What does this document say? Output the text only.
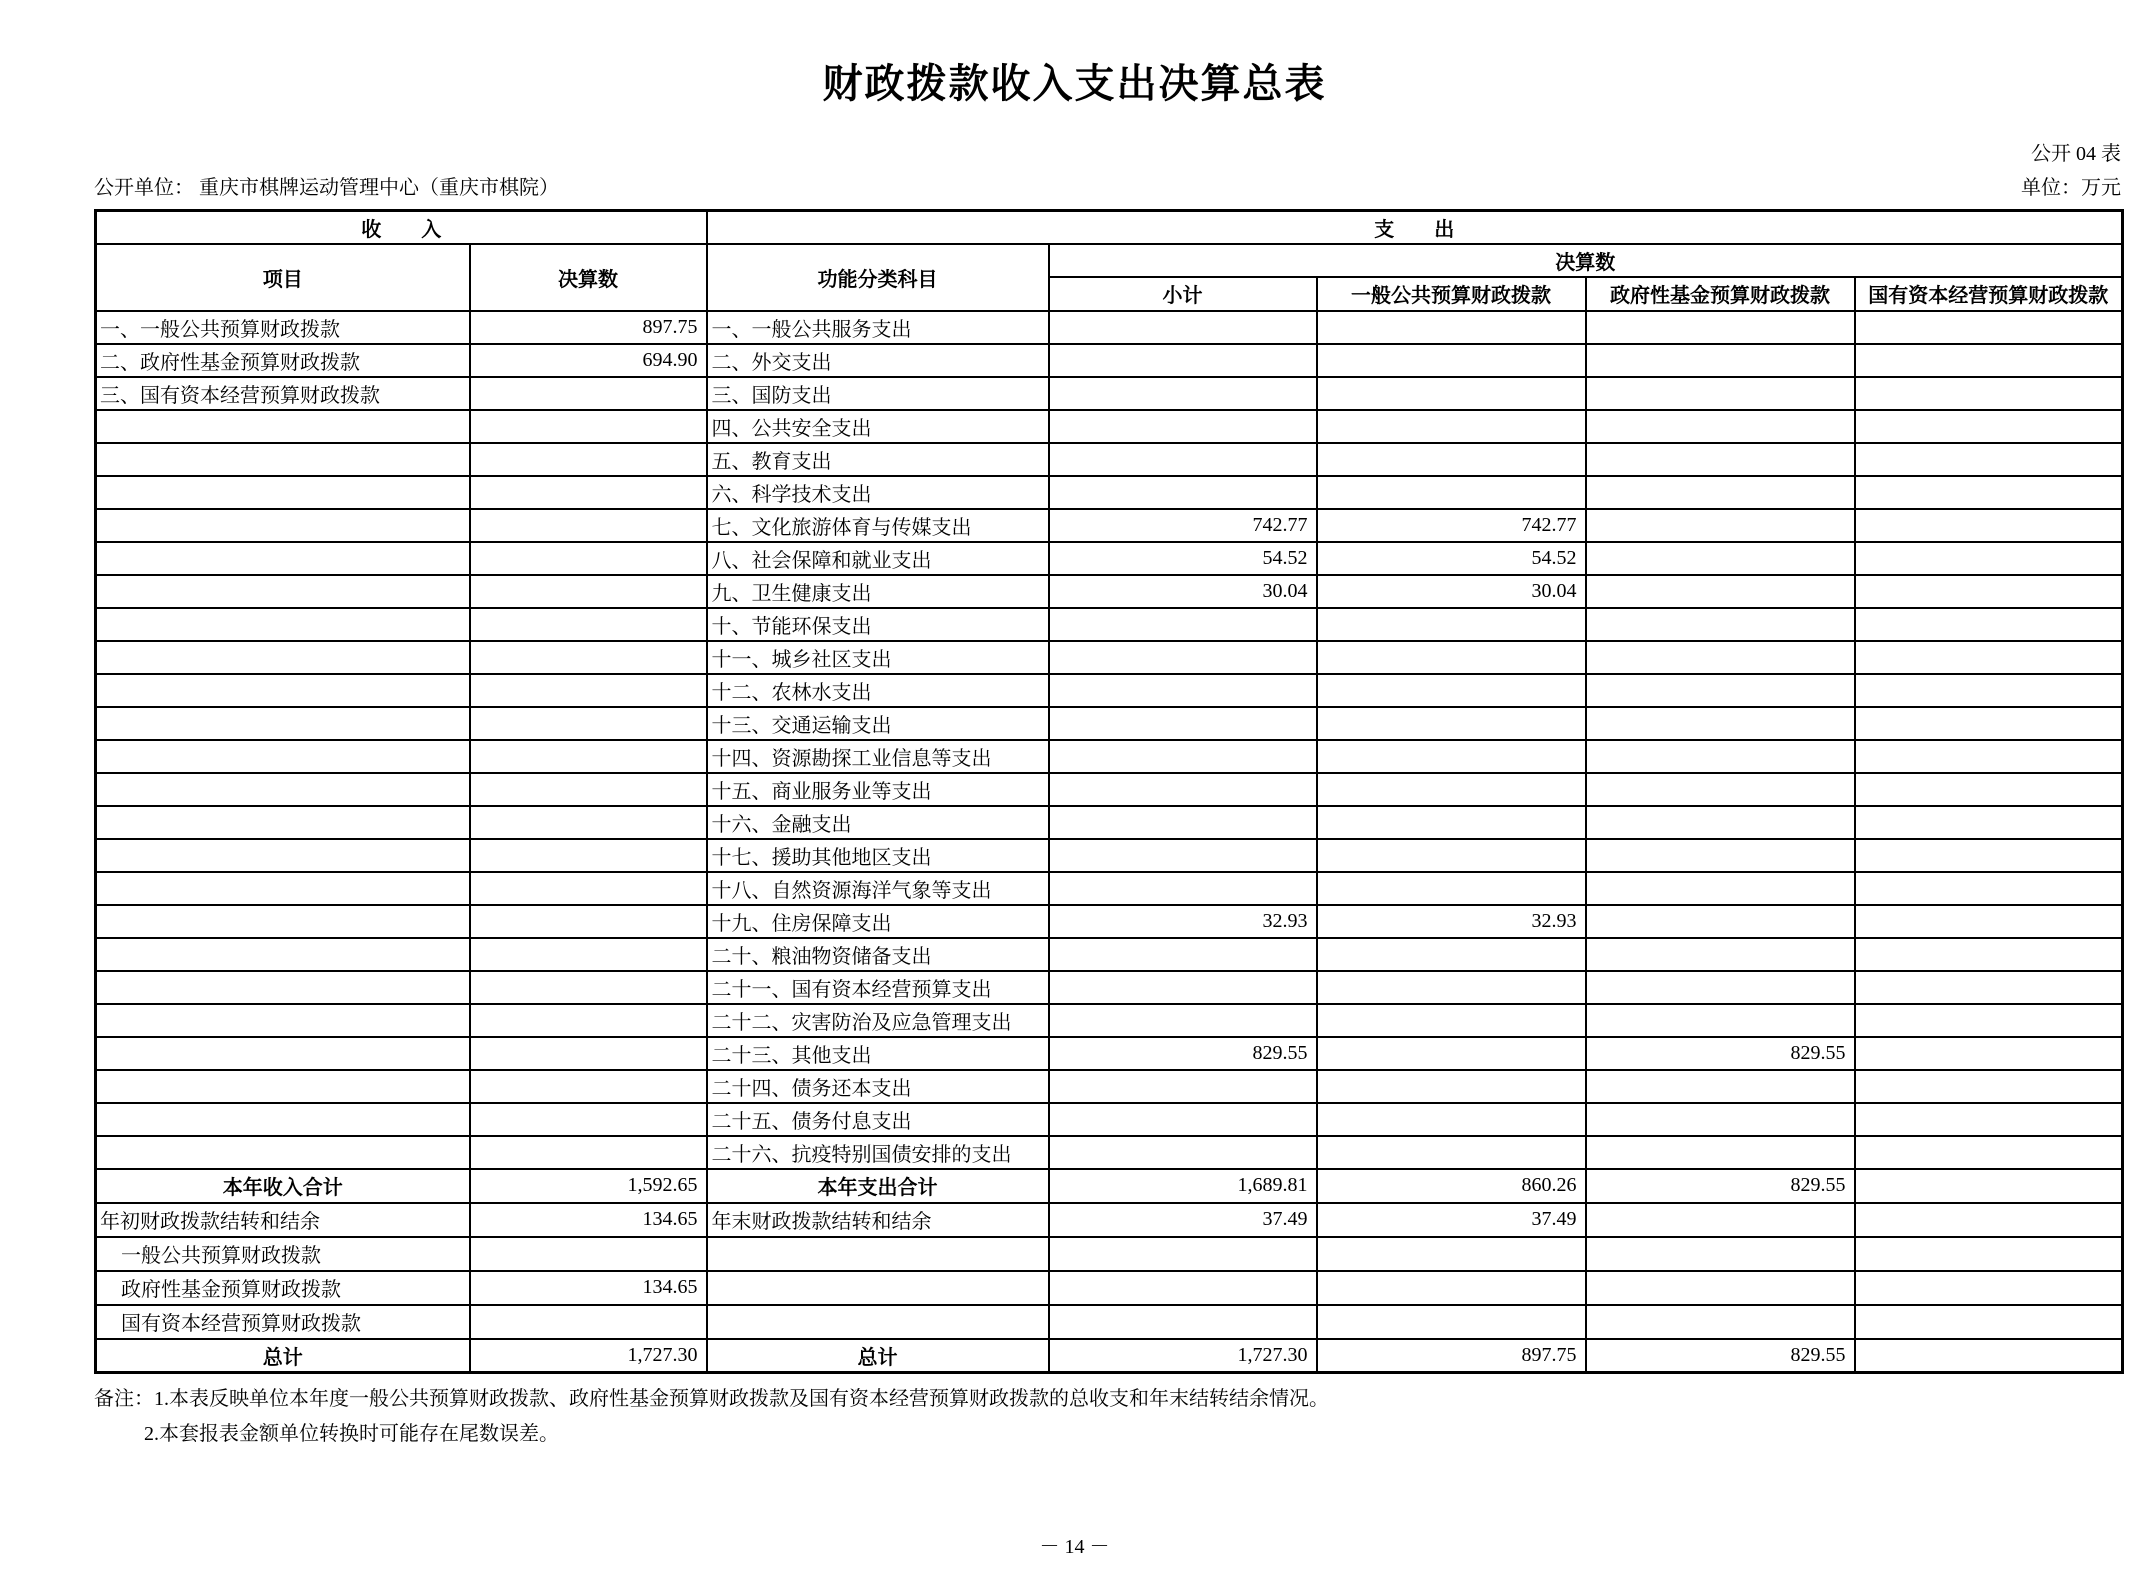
财政拨款收入支出决算总表
公开 04 表
公开单位： 重庆市棋牌运动管理中心（重庆市棋院）	单位：万元
收　　入		支　　出				
项目	决算数	功能分类科目	决算数			
			小计	一般公共预算财政拨款	政府性基金预算财政拨款	国有资本经营预算财政拨款
一、一般公共预算财政拨款	897.75	一、一般公共服务支出				
二、政府性基金预算财政拨款	694.90	二、外交支出				
三、国有资本经营预算财政拨款		三、国防支出				
		四、公共安全支出				
		五、教育支出				
		六、科学技术支出				
		七、文化旅游体育与传媒支出	742.77	742.77		
		八、社会保障和就业支出	54.52	54.52		
		九、卫生健康支出	30.04	30.04		
		十、节能环保支出				
		十一、城乡社区支出				
		十二、农林水支出				
		十三、交通运输支出				
		十四、资源勘探工业信息等支出				
		十五、商业服务业等支出				
		十六、金融支出				
		十七、援助其他地区支出				
		十八、自然资源海洋气象等支出				
		十九、住房保障支出	32.93	32.93		
		二十、粮油物资储备支出				
		二十一、国有资本经营预算支出				
		二十二、灾害防治及应急管理支出				
		二十三、其他支出	829.55		829.55	
		二十四、债务还本支出				
		二十五、债务付息支出				
		二十六、抗疫特别国债安排的支出				
本年收入合计	1,592.65	本年支出合计	1,689.81	860.26	829.55	
年初财政拨款结转和结余	134.65	年末财政拨款结转和结余	37.49	37.49		
一般公共预算财政拨款						
政府性基金预算财政拨款	134.65					
国有资本经营预算财政拨款						
总计	1,727.30	总计	1,727.30	897.75	829.55	
备注：1.本表反映单位本年度一般公共预算财政拨款、政府性基金预算财政拨款及国有资本经营预算财政拨款的总收支和年末结转结余情况。
2.本套报表金额单位转换时可能存在尾数误差。
－ 14 －
